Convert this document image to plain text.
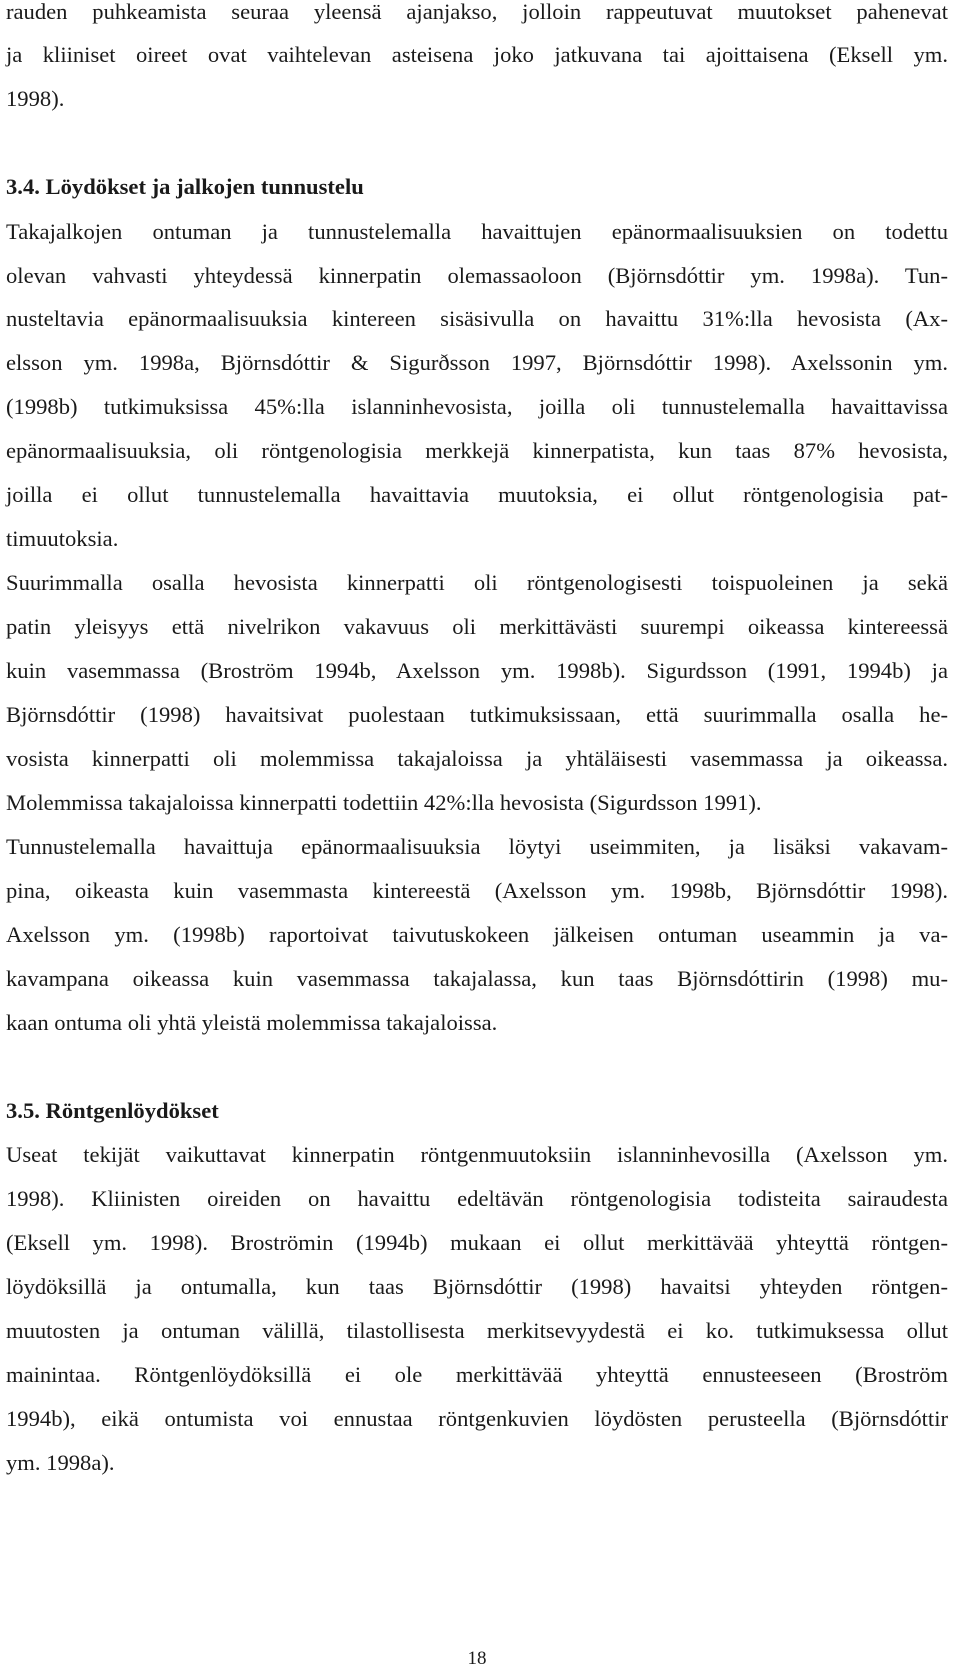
rauden puhkeamista seuraa yleensä ajanjakso, jolloin rappeutuvat muutokset pahenevat
ja kliiniset oireet ovat vaihtelevan asteisena joko jatkuvana tai ajoittaisena (Eksell ym.
1998).
3.4. Löydökset ja jalkojen tunnustelu
Takajalkojen ontuman ja tunnustelemalla havaittujen epänormaalisuuksien on todettu
olevan vahvasti yhteydessä kinnerpatin olemassaoloon (Björnsdóttir ym. 1998a). Tun-
nusteltavia epänormaalisuuksia kintereen sisäsivulla on havaittu 31%:lla hevosista (Ax-
elsson ym. 1998a, Björnsdóttir & Sigurðsson 1997, Björnsdóttir 1998). Axelssonin ym.
(1998b) tutkimuksissa 45%:lla islanninhevosista, joilla oli tunnustelemalla havaittavissa
epänormaalisuuksia, oli röntgenologisia merkkejä kinnerpatista, kun taas 87% hevosista,
joilla ei ollut tunnustelemalla havaittavia muutoksia, ei ollut röntgenologisia pat-
timuutoksia.
Suurimmalla osalla hevosista kinnerpatti oli röntgenologisesti toispuoleinen ja sekä
patin yleisyys että nivelrikon vakavuus oli merkittävästi suurempi oikeassa kintereessä
kuin vasemmassa (Broström 1994b, Axelsson ym. 1998b). Sigurdsson (1991, 1994b) ja
Björnsdóttir (1998) havaitsivat puolestaan tutkimuksissaan, että suurimmalla osalla he-
vosista kinnerpatti oli molemmissa takajaloissa ja yhtäläisesti vasemmassa ja oikeassa.
Molemmissa takajaloissa kinnerpatti todettiin 42%:lla hevosista (Sigurdsson 1991).
Tunnustelemalla havaittuja epänormaalisuuksia löytyi useimmiten, ja lisäksi vakavam-
pina, oikeasta kuin vasemmasta kintereestä (Axelsson ym. 1998b, Björnsdóttir 1998).
Axelsson ym. (1998b) raportoivat taivutuskokeen jälkeisen ontuman useammin ja va-
kavampana oikeassa kuin vasemmassa takajalassa, kun taas Björnsdóttirin (1998) mu-
kaan ontuma oli yhtä yleistä molemmissa takajaloissa.
3.5. Röntgenlöydökset
Useat tekijät vaikuttavat kinnerpatin röntgenmuutoksiin islanninhevosilla (Axelsson ym.
1998). Kliinisten oireiden on havaittu edeltävän röntgenologisia todisteita sairaudesta
(Eksell ym. 1998). Broströmin (1994b) mukaan ei ollut merkittävää yhteyttä röntgen-
löydöksillä ja ontumalla, kun taas Björnsdóttir (1998) havaitsi yhteyden röntgen-
muutosten ja ontuman välillä, tilastollisesta merkitsevyydestä ei ko. tutkimuksessa ollut
mainintaa. Röntgenlöydöksillä ei ole merkittävää yhteyttä ennusteeseen (Broström
1994b), eikä ontumista voi ennustaa röntgenkuvien löydösten perusteella (Björnsdóttir
ym. 1998a).
18
